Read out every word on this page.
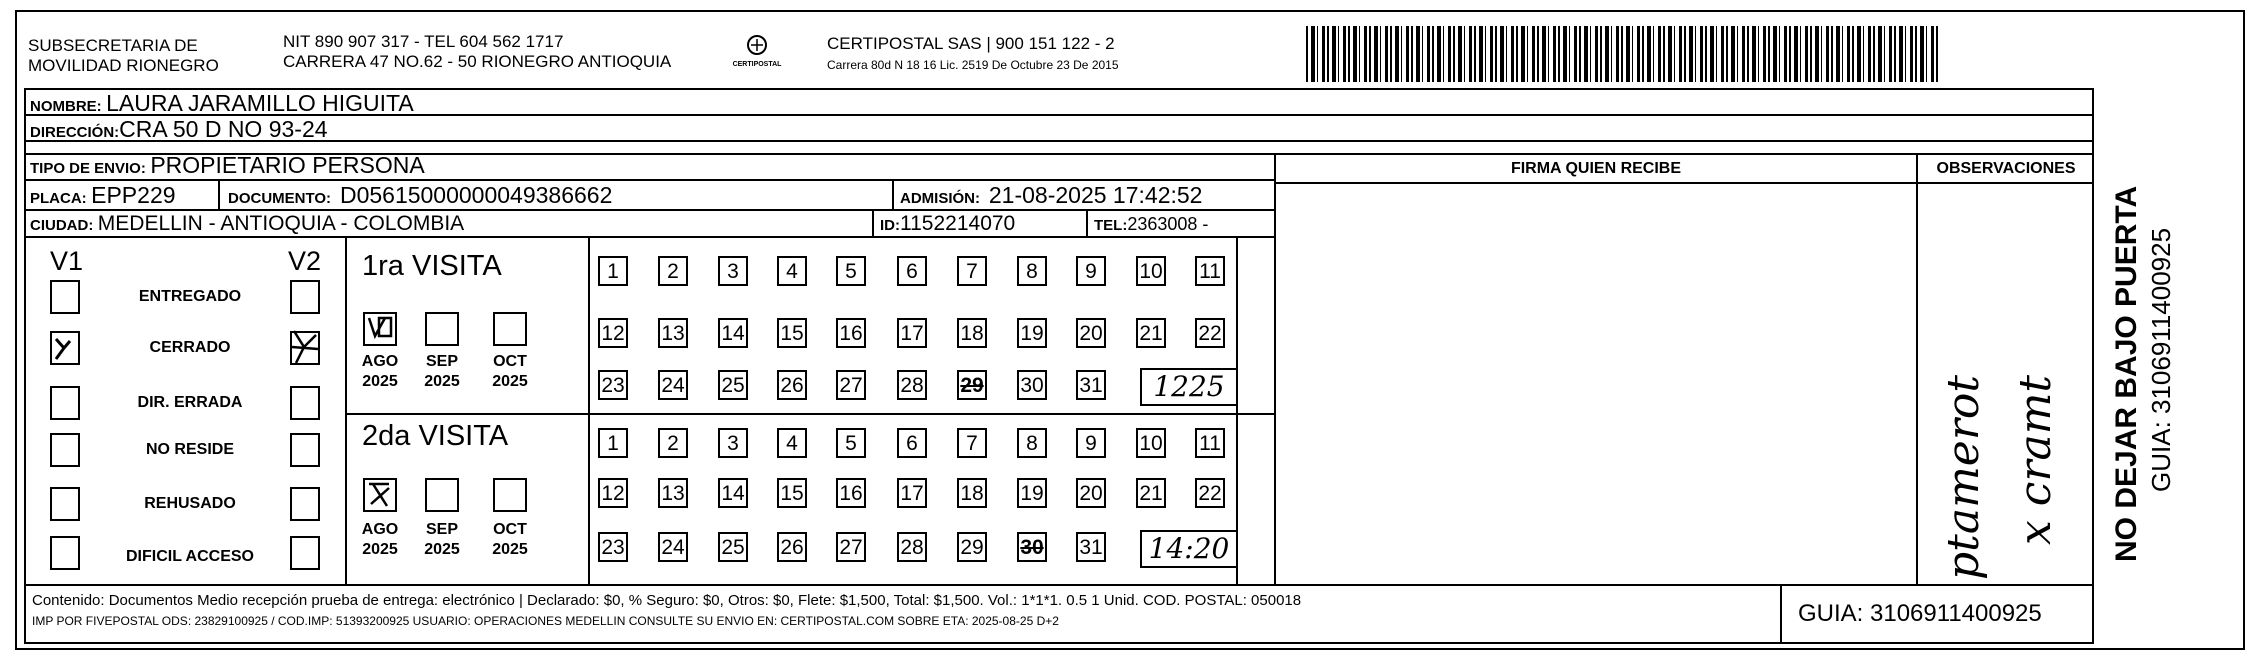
SUBSECRETARIA DE
MOVILIDAD RIONEGRO
NIT 890 907 317 - TEL 604 562 1717
CARRERA 47 NO.62 - 50 RIONEGRO ANTIOQUIA	CERTIPOSTAL
CERTIPOSTAL SAS | 900 151 122 - 2
Carrera 80d N 18 16 Lic. 2519 De Octubre 23 De 2015
NOMBRE: LAURA JARAMILLO HIGUITA
DIRECCIÓN:CRA 50 D NO 93-24
TIPO DE ENVIO: PROPIETARIO PERSONA
PLACA: EPP229	DOCUMENTO: D05615000000049386662	ADMISIÓN: 21-08-2025 17:42:52
CIUDAD: MEDELLIN - ANTIOQUIA - COLOMBIA	ID:1152214070	TEL:2363008 -
FIRMA QUIEN RECIBE	OBSERVACIONES
ptamerot x cramt
V1	V2
ENTREGADO
CERRADO
DIR. ERRADA
NO RESIDE
REHUSADO
DIFICIL ACCESO
1ra VISITA
2da VISITA
AGO
2025
SEP
2025
OCT
2025
AGO
2025
SEP
2025
OCT
2025
1	2	3	4	5	6	7	8	9	10 11
12 13 14 15 16 17 18 19 20 21 22
23 24 25 26 27 28 29 30 31	1225
1	2	3	4	5	6	7	8	9	10 11
12 13 14 15 16 17 18 19 20 21 22
23 24 25 26 27 28 29 30 31	14:20
Contenido: Documentos Medio recepción prueba de entrega: electrónico | Declarado: $0, % Seguro: $0, Otros: $0, Flete: $1,500, Total: $1,500. Vol.: 1*1*1. 0.5 1 Unid. COD. POSTAL: 050018
IMP POR FIVEPOSTAL ODS: 23829100925 / COD.IMP: 51393200925 USUARIO: OPERACIONES MEDELLIN CONSULTE SU ENVIO EN: CERTIPOSTAL.COM SOBRE ETA: 2025-08-25 D+2	GUIA: 3106911400925
NO DEJAR BAJO PUERTA GUIA: 3106911400925
